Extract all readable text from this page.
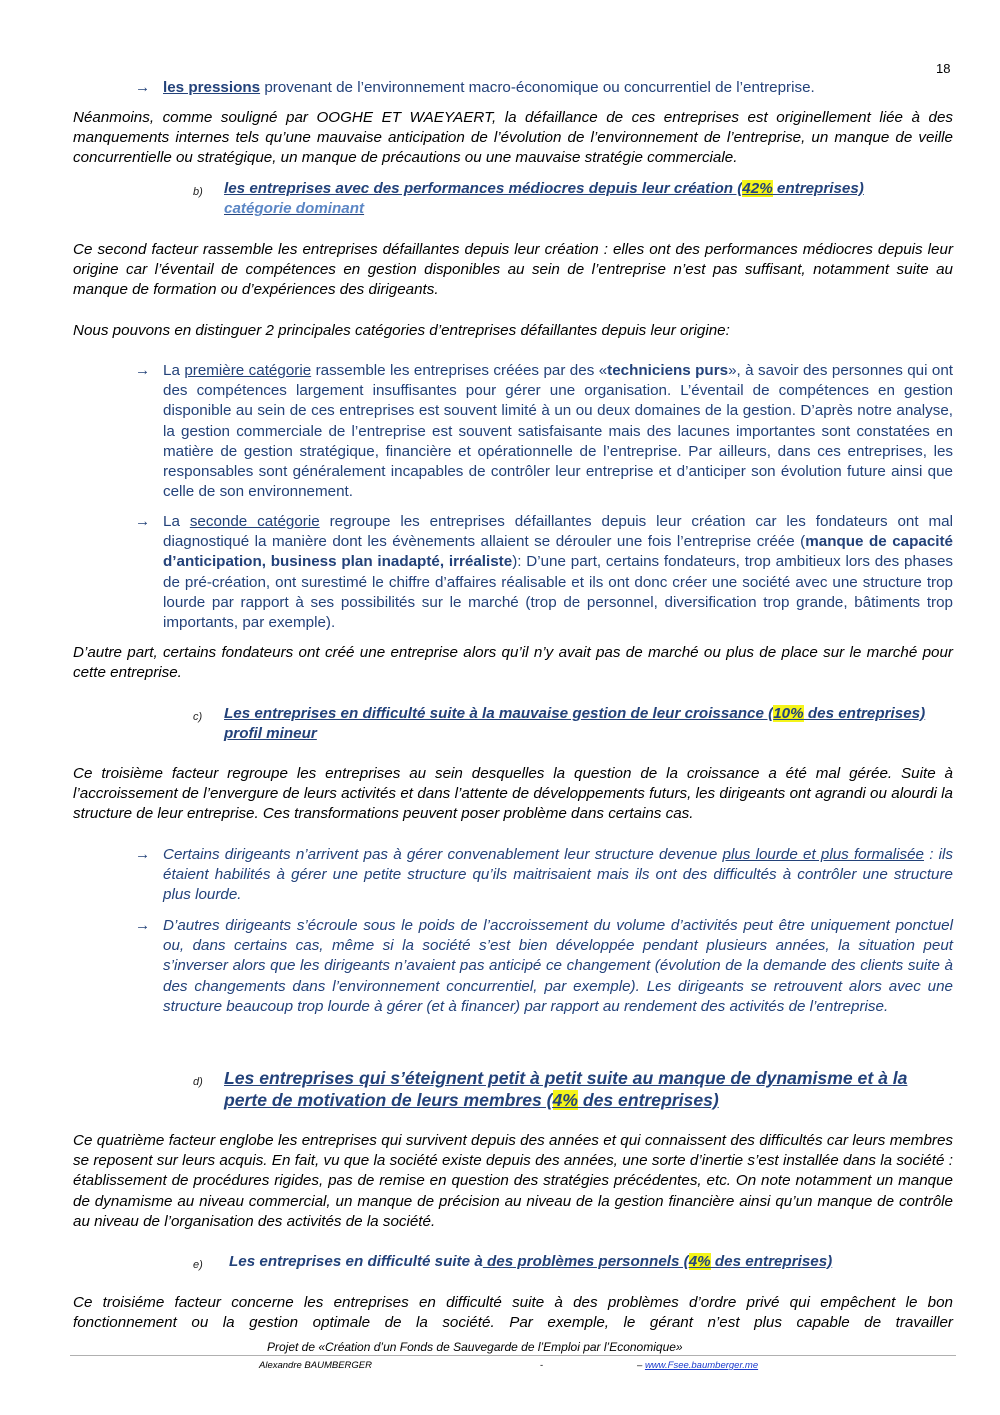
18
→ les pressions provenant de l’environnement macro-économique ou concurrentiel de l’entreprise.
Néanmoins, comme souligné par OOGHE ET WAEYAERT, la défaillance de ces entreprises est originellement liée à des manquements internes tels qu’une mauvaise anticipation de l’évolution de l’environnement de l’entreprise, un manque de veille concurrentielle ou stratégique, un manque de précautions ou une mauvaise stratégie commerciale.
b) les entreprises avec des performances médiocres depuis leur création (42% entreprises)
catégorie dominant
Ce second facteur rassemble les entreprises défaillantes depuis leur création : elles ont des performances médiocres depuis leur origine car l’éventail de compétences en gestion disponibles au sein de l’entreprise n’est pas suffisant, notamment suite au manque de formation ou d’expériences des dirigeants.
Nous pouvons en distinguer 2 principales catégories d’entreprises défaillantes depuis leur origine:
→ La première catégorie rassemble les entreprises créées par des «techniciens purs», à savoir des personnes qui ont des compétences largement insuffisantes pour gérer une organisation. L’éventail de compétences en gestion disponible au sein de ces entreprises est souvent limité à un ou deux domaines de la gestion. D’après notre analyse, la gestion commerciale de l’entreprise est souvent satisfaisante mais des lacunes importantes sont constatées en matière de gestion stratégique, financière et opérationnelle de l’entreprise. Par ailleurs, dans ces entreprises, les responsables sont généralement incapables de contrôler leur entreprise et d’anticiper son évolution future ainsi que celle de son environnement.
→ La seconde catégorie regroupe les entreprises défaillantes depuis leur création car les fondateurs ont mal diagnostiqué la manière dont les évènements allaient se dérouler une fois l’entreprise créée (manque de capacité d’anticipation, business plan inadapté, irréaliste): D’une part, certains fondateurs, trop ambitieux lors des phases de pré-création, ont surestimé le chiffre d’affaires réalisable et ils ont donc créer une société avec une structure trop lourde par rapport à ses possibilités sur le marché (trop de personnel, diversification trop grande, bâtiments trop importants, par exemple).
D’autre part, certains fondateurs ont créé une entreprise alors qu’il n’y avait pas de marché ou plus de place sur le marché pour cette entreprise.
c) Les entreprises en difficulté suite à la mauvaise gestion de leur croissance (10% des entreprises) profil mineur
Ce troisième facteur regroupe les entreprises au sein desquelles la question de la croissance a été mal gérée. Suite à l’accroissement de l’envergure de leurs activités et dans l’attente de développements futurs, les dirigeants ont agrandi ou alourdi la structure de leur entreprise. Ces transformations peuvent poser problème dans certains cas.
→ Certains dirigeants n’arrivent pas à gérer convenablement leur structure devenue plus lourde et plus formalisée : ils étaient habilités à gérer une petite structure qu’ils maitrisaient mais ils ont des difficultés à contrôler une structure plus lourde.
→ D’autres dirigeants s’écroule sous le poids de l’accroissement du volume d’activités peut être uniquement ponctuel ou, dans certains cas, même si la société s’est bien développée pendant plusieurs années, la situation peut s’inverser alors que les dirigeants n’avaient pas anticipé ce changement (évolution de la demande des clients suite à des changements dans l’environnement concurrentiel, par exemple). Les dirigeants se retrouvent alors avec une structure beaucoup trop lourde à gérer (et à financer) par rapport au rendement des activités de l’entreprise.
d) Les entreprises qui s’éteignent petit à petit suite au manque de dynamisme et à la perte de motivation de leurs membres (4% des entreprises)
Ce quatrième facteur englobe les entreprises qui survivent depuis des années et qui connaissent des difficultés car leurs membres se reposent sur leurs acquis. En fait, vu que la société existe depuis des années, une sorte d’inertie s’est installée dans la société : établissement de procédures rigides, pas de remise en question des stratégies précédentes, etc. On note notamment un manque de dynamisme au niveau commercial, un manque de précision au niveau de la gestion financière ainsi qu’un manque de contrôle au niveau de l’organisation des activités de la société.
e) Les entreprises en difficulté suite à des problèmes personnels (4% des entreprises)
Ce troisiéme facteur concerne les entreprises en difficulté suite à des problèmes d’ordre privé qui empêchent le bon fonctionnement ou la gestion optimale de la société. Par exemple, le gérant n’est plus capable de travailler
Projet de «Création d’un Fonds de Sauvegarde de l’Emploi par l’Economique»
Alexandre BAUMBERGER	-	– www.Fsee.baumberger.me
